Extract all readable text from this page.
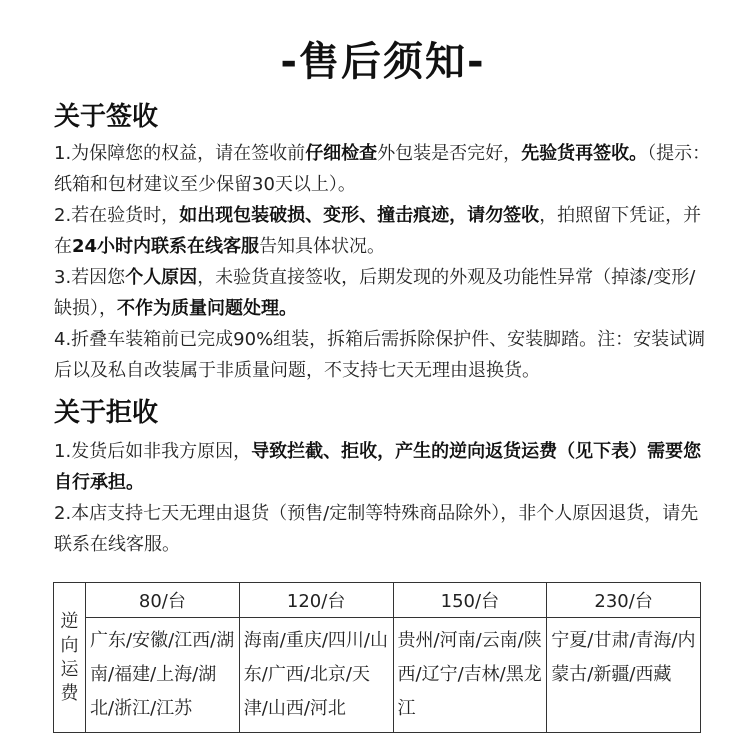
-售后须知-
关于签收

1.为保障您的权益，请在签收前仔细检查外包装是否完好，先验货再签收。（提示：纸箱和包材建议至少保留30天以上）。

2.若在验货时，如出现包装破损、变形、撞击痕迹，请勿签收，拍照留下凭证，并在24小时内联系在线客服告知具体状况。

3.若因您个人原因，未验货直接签收，后期发现的外观及功能性异常（掉漆/变形/缺损），不作为质量问题处理。

4.折叠车装箱前已完成90%组装，拆箱后需拆除保护件、安装脚踏。注：安装试调后以及私自改装属于非质量问题，不支持七天无理由退换货。

关于拒收

1.发货后如非我方原因，导致拦截、拒收，产生的逆向返货运费（见下表）需要您自行承担。

2.本店支持七天无理由退货（预售/定制等特殊商品除外），非个人原因退货，请先联系在线客服。

逆向运费	80/台	120/台	150/台	230/台
	广东/安徽/江西/湖南/福建/上海/湖北/浙江/江苏	海南/重庆/四川/山东/广西/北京/天津/山西/河北	贵州/河南/云南/陕西/辽宁/吉林/黑龙江	宁夏/甘肃/青海/内蒙古/新疆/西藏
